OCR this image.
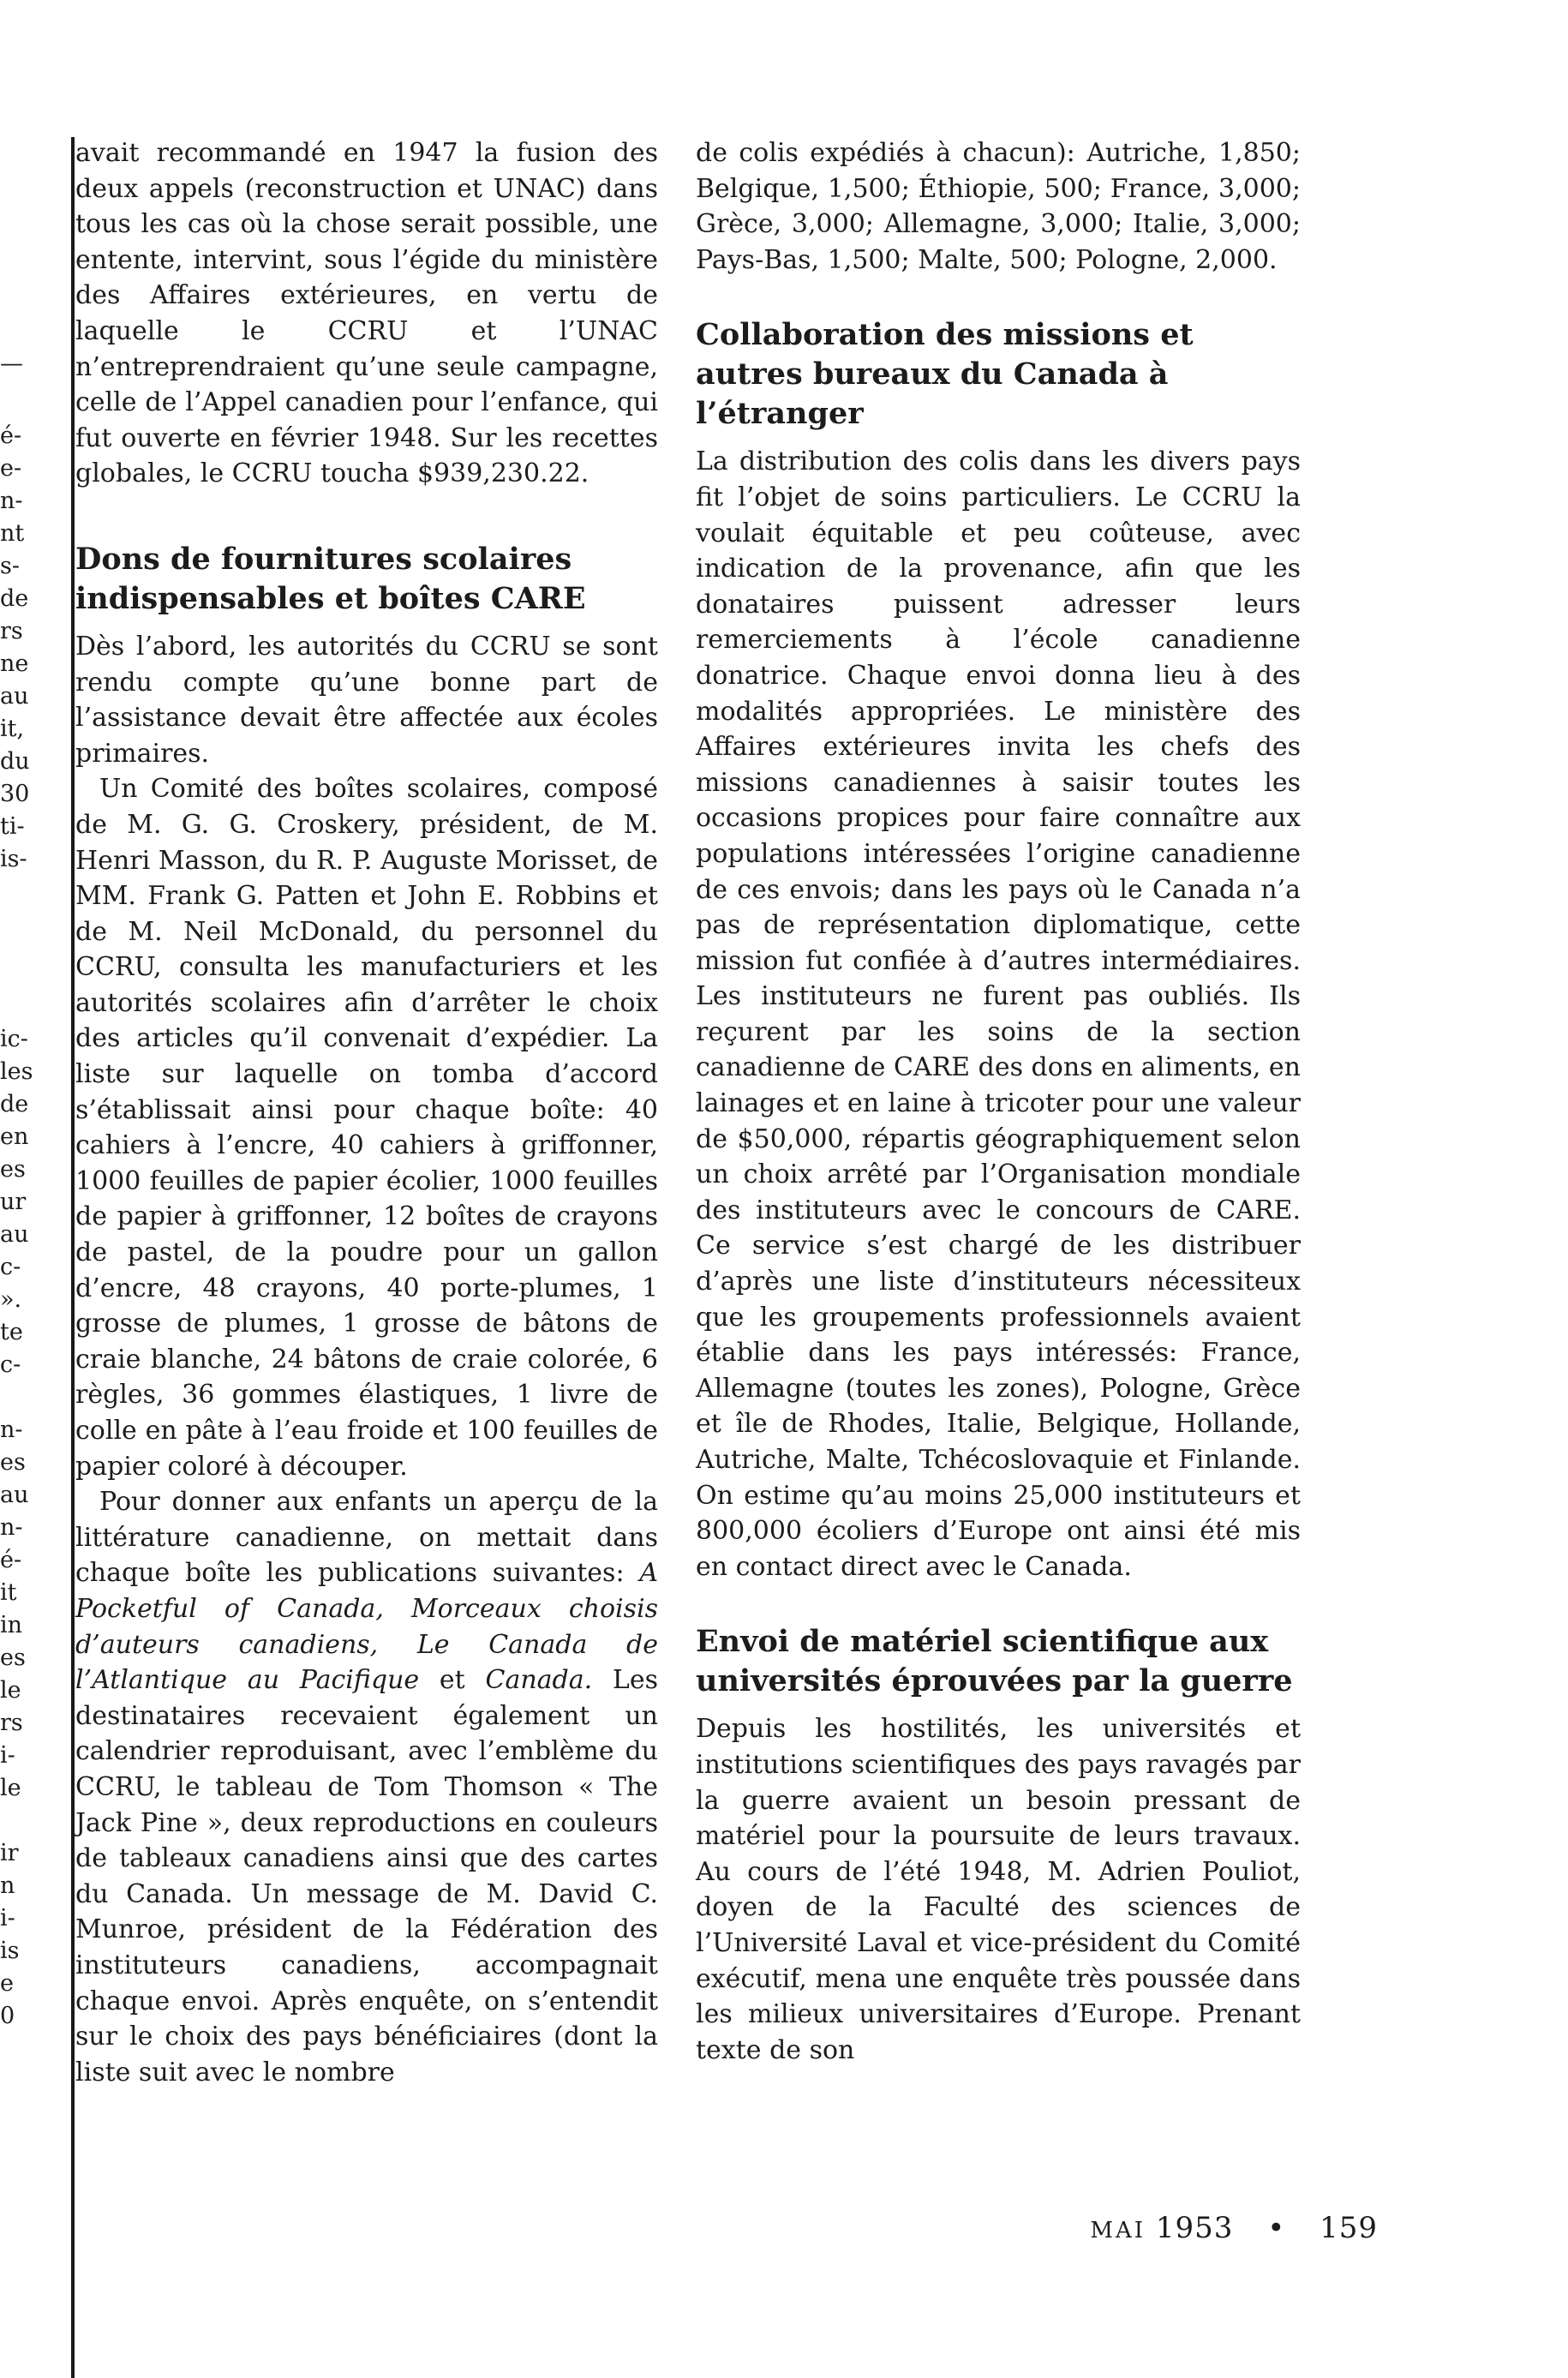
—
é-
e-
n-
nt
s-
de
rs
ne
au
it,
du
30
ti-
is-
ic-
les
de
en
es
ur
au
c-
».
te
c-
n-
es
au
n-
é-
it
in
es
le
rs
i-
le
ir
n
i-
is
e
0

avait recommandé en 1947 la fusion des deux appels (reconstruction et UNAC) dans tous les cas où la chose serait possible, une entente, intervint, sous l’égide du ministère des Affaires extérieures, en vertu de laquelle le CCRU et l’UNAC n’entreprendraient qu’une seule campagne, celle de l’Appel canadien pour l’enfance, qui fut ouverte en février 1948. Sur les recettes globales, le CCRU toucha $939,230.22.

Dons de fournitures scolaires indispensables et boîtes CARE

Dès l’abord, les autorités du CCRU se sont rendu compte qu’une bonne part de l’assistance devait être affectée aux écoles primaires.

Un Comité des boîtes scolaires, composé de M. G. G. Croskery, président, de M. Henri Masson, du R. P. Auguste Morisset, de MM. Frank G. Patten et John E. Robbins et de M. Neil McDonald, du personnel du CCRU, consulta les manufacturiers et les autorités scolaires afin d’arrêter le choix des articles qu’il convenait d’expédier. La liste sur laquelle on tomba d’accord s’établissait ainsi pour chaque boîte: 40 cahiers à l’encre, 40 cahiers à griffonner, 1000 feuilles de papier écolier, 1000 feuilles de papier à griffonner, 12 boîtes de crayons de pastel, de la poudre pour un gallon d’encre, 48 crayons, 40 porte-plumes, 1 grosse de plumes, 1 grosse de bâtons de craie blanche, 24 bâtons de craie colorée, 6 règles, 36 gommes élastiques, 1 livre de colle en pâte à l’eau froide et 100 feuilles de papier coloré à découper.

Pour donner aux enfants un aperçu de la littérature canadienne, on mettait dans chaque boîte les publications suivantes: A Pocketful of Canada, Morceaux choisis d’auteurs canadiens, Le Canada de l’Atlantique au Pacifique et Canada. Les destinataires recevaient également un calendrier reproduisant, avec l’emblème du CCRU, le tableau de Tom Thomson « The Jack Pine », deux reproductions en couleurs de tableaux canadiens ainsi que des cartes du Canada. Un message de M. David C. Munroe, président de la Fédération des instituteurs canadiens, accompagnait chaque envoi. Après enquête, on s’entendit sur le choix des pays bénéficiaires (dont la liste suit avec le nombre

de colis expédiés à chacun): Autriche, 1,850; Belgique, 1,500; Éthiopie, 500; France, 3,000; Grèce, 3,000; Allemagne, 3,000; Italie, 3,000; Pays-Bas, 1,500; Malte, 500; Pologne, 2,000.

Collaboration des missions et autres bureaux du Canada à l’étranger

La distribution des colis dans les divers pays fit l’objet de soins particuliers. Le CCRU la voulait équitable et peu coûteuse, avec indication de la provenance, afin que les donataires puissent adresser leurs remerciements à l’école canadienne donatrice. Chaque envoi donna lieu à des modalités appropriées. Le ministère des Affaires extérieures invita les chefs des missions canadiennes à saisir toutes les occasions propices pour faire connaître aux populations intéressées l’origine canadienne de ces envois; dans les pays où le Canada n’a pas de représentation diplomatique, cette mission fut confiée à d’autres intermédiaires. Les instituteurs ne furent pas oubliés. Ils reçurent par les soins de la section canadienne de CARE des dons en aliments, en lainages et en laine à tricoter pour une valeur de $50,000, répartis géographiquement selon un choix arrêté par l’Organisation mondiale des instituteurs avec le concours de CARE. Ce service s’est chargé de les distribuer d’après une liste d’instituteurs nécessiteux que les groupements professionnels avaient établie dans les pays intéressés: France, Allemagne (toutes les zones), Pologne, Grèce et île de Rhodes, Italie, Belgique, Hollande, Autriche, Malte, Tchécoslovaquie et Finlande. On estime qu’au moins 25,000 instituteurs et 800,000 écoliers d’Europe ont ainsi été mis en contact direct avec le Canada.

Envoi de matériel scientifique aux universités éprouvées par la guerre

Depuis les hostilités, les universités et institutions scientifiques des pays ravagés par la guerre avaient un besoin pressant de matériel pour la poursuite de leurs travaux. Au cours de l’été 1948, M. Adrien Pouliot, doyen de la Faculté des sciences de l’Université Laval et vice-président du Comité exécutif, mena une enquête très poussée dans les milieux universitaires d’Europe. Prenant texte de son

MAI 1953 • 159
